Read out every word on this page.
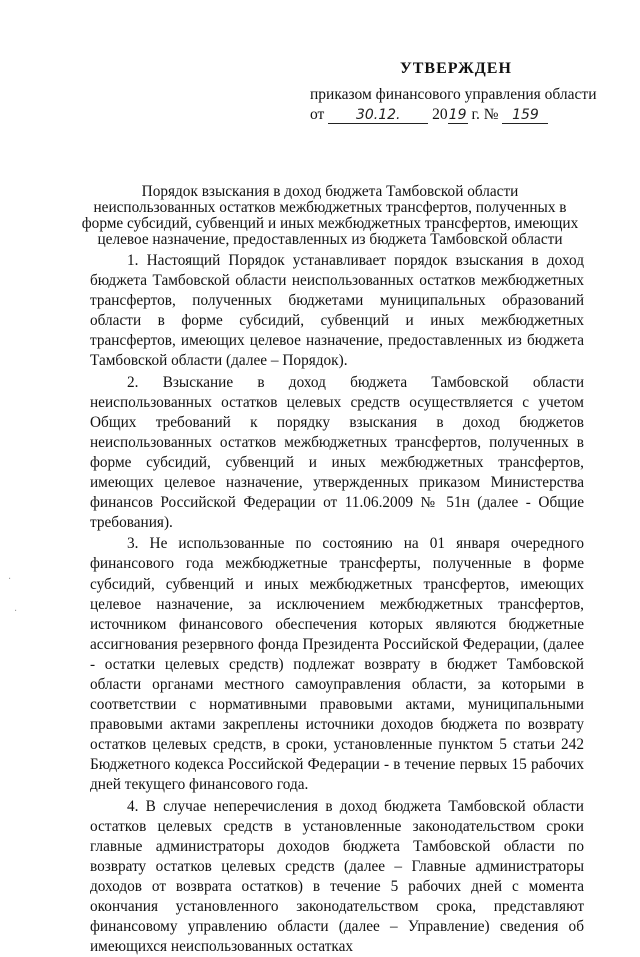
УТВЕРЖДЕН
приказом финансового управления области
от 30.12. 2019 г. № 159
Порядок взыскания в доход бюджета Тамбовской области
неиспользованных остатков межбюджетных трансфертов, полученных в
форме субсидий, субвенций и иных межбюджетных трансфертов, имеющих
целевое назначение, предоставленных из бюджета Тамбовской области

1. Настоящий Порядок устанавливает порядок взыскания в доход бюджета Тамбовской области неиспользованных остатков межбюджетных трансфертов, полученных бюджетами муниципальных образований области в форме субсидий, субвенций и иных межбюджетных трансфертов, имеющих целевое назначение, предоставленных из бюджета Тамбовской области (далее – Порядок).

2. Взыскание в доход бюджета Тамбовской области неиспользованных остатков целевых средств осуществляется с учетом Общих требований к порядку взыскания в доход бюджетов неиспользованных остатков межбюджетных трансфертов, полученных в форме субсидий, субвенций и иных межбюджетных трансфертов, имеющих целевое назначение, утвержденных приказом Министерства финансов Российской Федерации от 11.06.2009 № 51н (далее - Общие требования).

3. Не использованные по состоянию на 01 января очередного финансового года межбюджетные трансферты, полученные в форме субсидий, субвенций и иных межбюджетных трансфертов, имеющих целевое назначение, за исключением межбюджетных трансфертов, источником финансового обеспечения которых являются бюджетные ассигнования резервного фонда Президента Российской Федерации, (далее - остатки целевых средств) подлежат возврату в бюджет Тамбовской области органами местного самоуправления области, за которыми в соответствии с нормативными правовыми актами, муниципальными правовыми актами закреплены источники доходов бюджета по возврату остатков целевых средств, в сроки, установленные пунктом 5 статьи 242 Бюджетного кодекса Российской Федерации - в течение первых 15 рабочих дней текущего финансового года.

4. В случае неперечисления в доход бюджета Тамбовской области остатков целевых средств в установленные законодательством сроки главные администраторы доходов бюджета Тамбовской области по возврату остатков целевых средств (далее – Главные администраторы доходов от возврата остатков) в течение 5 рабочих дней с момента окончания установленного законодательством срока, представляют финансовому управлению области (далее – Управление) сведения об имеющихся неиспользованных остатках

·
·
